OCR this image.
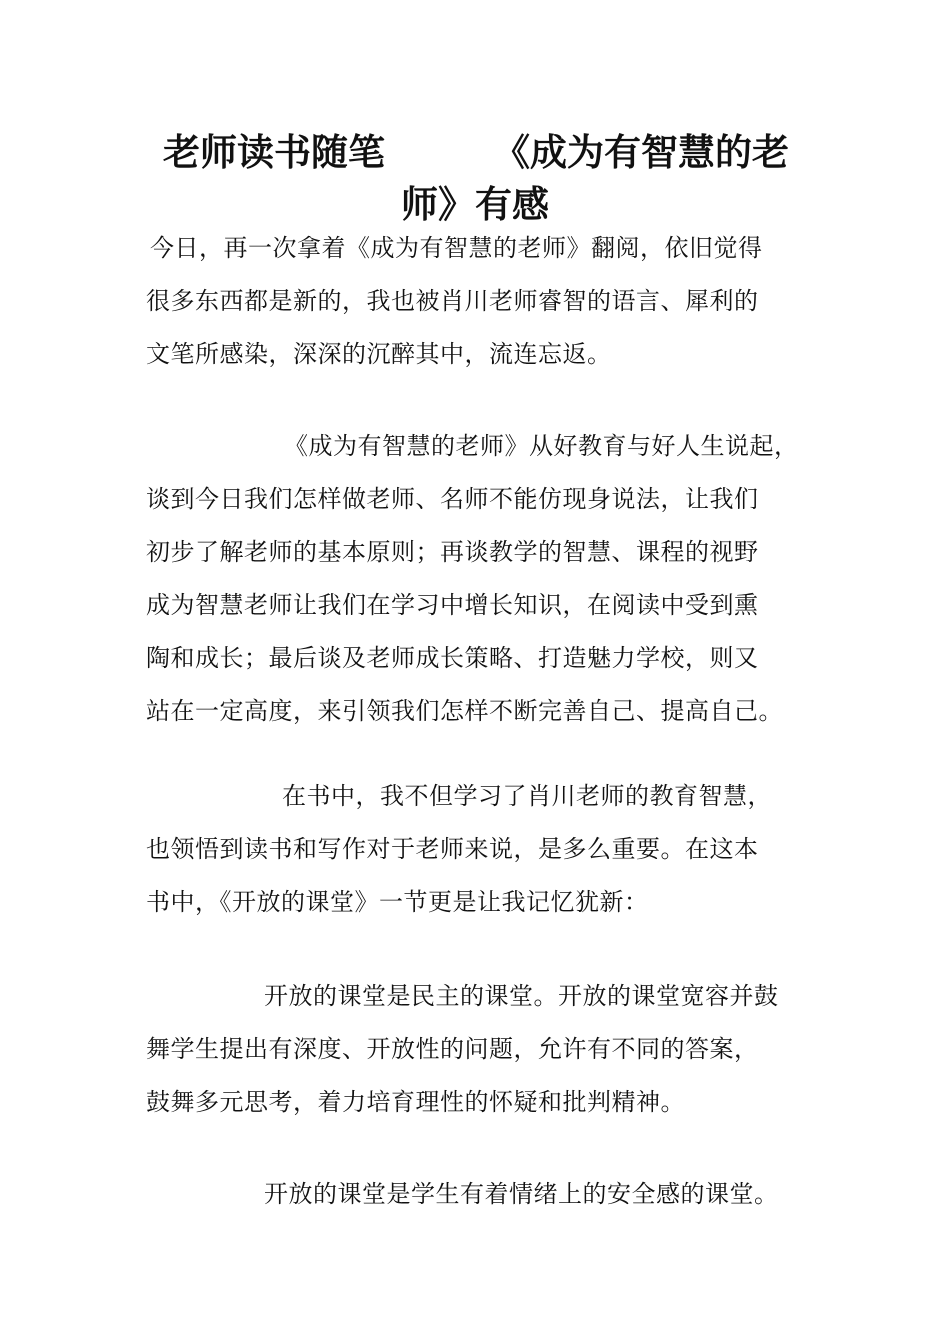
老师读书随笔	《成为有智慧的老
师》有感
今日，再一次拿着《成为有智慧的老师》翻阅，依旧觉得
很多东西都是新的，我也被肖川老师睿智的语言、犀利的
文笔所感染，深深的沉醉其中，流连忘返。
《成为有智慧的老师》从好教育与好人生说起，
谈到今日我们怎样做老师、名师不能仿现身说法，让我们
初步了解老师的基本原则；再谈教学的智慧、课程的视野
成为智慧老师让我们在学习中增长知识，在阅读中受到熏
陶和成长；最后谈及老师成长策略、打造魅力学校，则又
站在一定高度，来引领我们怎样不断完善自己、提高自己。
在书中，我不但学习了肖川老师的教育智慧，
也领悟到读书和写作对于老师来说，是多么重要。在这本
书中，《开放的课堂》一节更是让我记忆犹新：
开放的课堂是民主的课堂。开放的课堂宽容并鼓
舞学生提出有深度、开放性的问题，允许有不同的答案，
鼓舞多元思考，着力培育理性的怀疑和批判精神。
开放的课堂是学生有着情绪上的安全感的课堂。
